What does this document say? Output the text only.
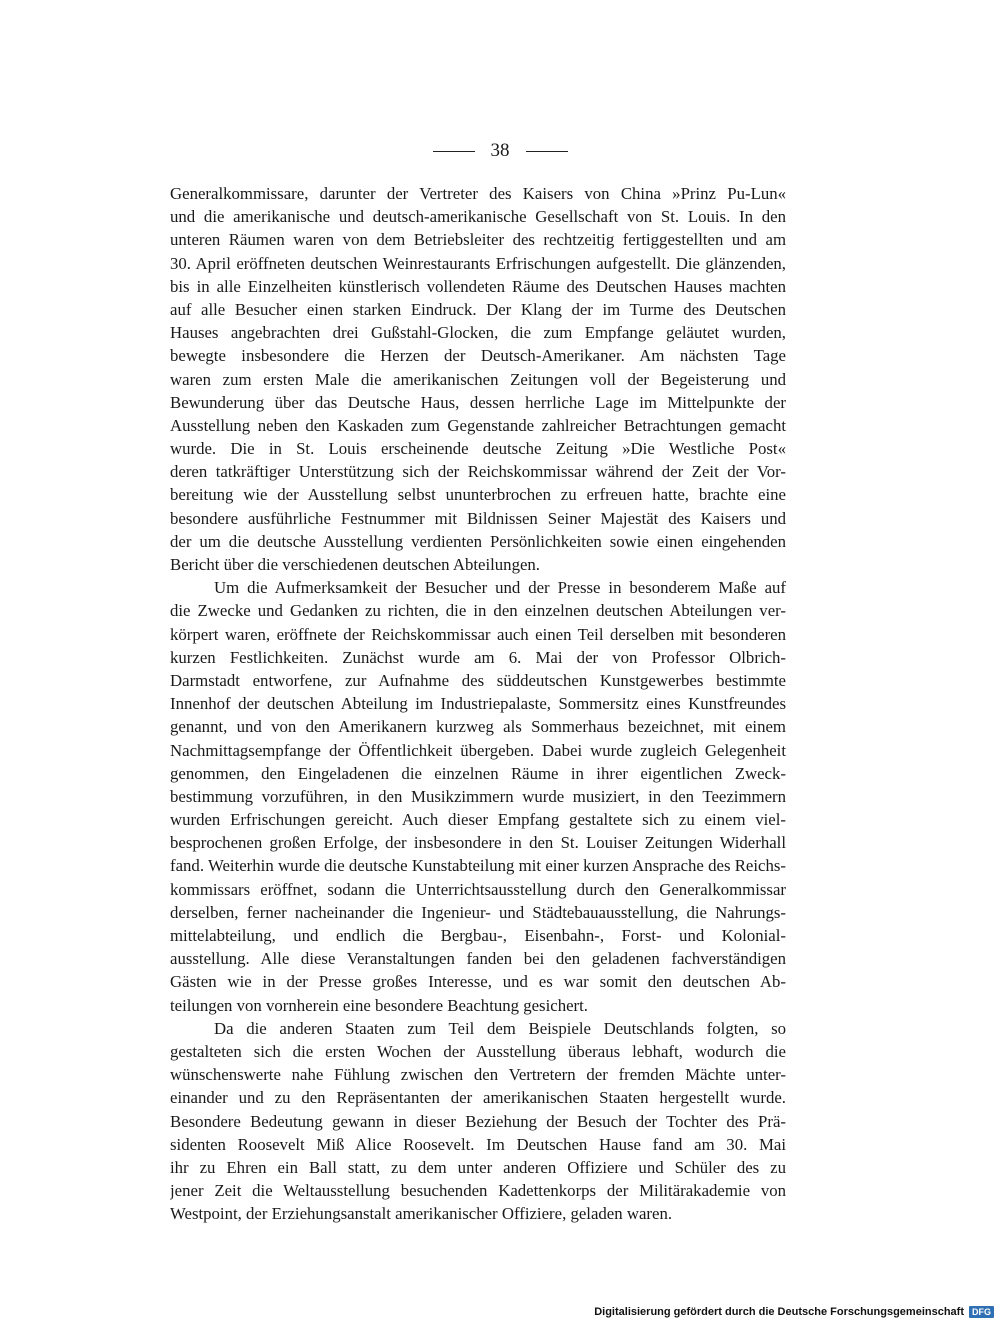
38
Generalkommissare, darunter der Vertreter des Kaisers von China »Prinz Pu-Lun«
und die amerikanische und deutsch-amerikanische Gesellschaft von St. Louis. In den
unteren Räumen waren von dem Betriebsleiter des rechtzeitig fertiggestellten und am
30. April eröffneten deutschen Weinrestaurants Erfrischungen aufgestellt. Die glänzenden,
bis in alle Einzelheiten künstlerisch vollendeten Räume des Deutschen Hauses machten
auf alle Besucher einen starken Eindruck. Der Klang der im Turme des Deutschen
Hauses angebrachten drei Gußstahl-Glocken, die zum Empfange geläutet wurden,
bewegte insbesondere die Herzen der Deutsch-Amerikaner. Am nächsten Tage
waren zum ersten Male die amerikanischen Zeitungen voll der Begeisterung und
Bewunderung über das Deutsche Haus, dessen herrliche Lage im Mittelpunkte der
Ausstellung neben den Kaskaden zum Gegenstande zahlreicher Betrachtungen gemacht
wurde. Die in St. Louis erscheinende deutsche Zeitung »Die Westliche Post«
deren tatkräftiger Unterstützung sich der Reichskommissar während der Zeit der Vor-
bereitung wie der Ausstellung selbst ununterbrochen zu erfreuen hatte, brachte eine
besondere ausführliche Festnummer mit Bildnissen Seiner Majestät des Kaisers und
der um die deutsche Ausstellung verdienten Persönlichkeiten sowie einen eingehenden
Bericht über die verschiedenen deutschen Abteilungen.
Um die Aufmerksamkeit der Besucher und der Presse in besonderem Maße auf
die Zwecke und Gedanken zu richten, die in den einzelnen deutschen Abteilungen ver-
körpert waren, eröffnete der Reichskommissar auch einen Teil derselben mit besonderen
kurzen Festlichkeiten. Zunächst wurde am 6. Mai der von Professor Olbrich-
Darmstadt entworfene, zur Aufnahme des süddeutschen Kunstgewerbes bestimmte
Innenhof der deutschen Abteilung im Industriepalaste, Sommersitz eines Kunstfreundes
genannt, und von den Amerikanern kurzweg als Sommerhaus bezeichnet, mit einem
Nachmittagsempfange der Öffentlichkeit übergeben. Dabei wurde zugleich Gelegenheit
genommen, den Eingeladenen die einzelnen Räume in ihrer eigentlichen Zweck-
bestimmung vorzuführen, in den Musikzimmern wurde musiziert, in den Teezimmern
wurden Erfrischungen gereicht. Auch dieser Empfang gestaltete sich zu einem viel-
besprochenen großen Erfolge, der insbesondere in den St. Louiser Zeitungen Widerhall
fand. Weiterhin wurde die deutsche Kunstabteilung mit einer kurzen Ansprache des Reichs-
kommissars eröffnet, sodann die Unterrichtsausstellung durch den Generalkommissar
derselben, ferner nacheinander die Ingenieur- und Städtebauausstellung, die Nahrungs-
mittelabteilung, und endlich die Bergbau-, Eisenbahn-, Forst- und Kolonial-
ausstellung. Alle diese Veranstaltungen fanden bei den geladenen fachverständigen
Gästen wie in der Presse großes Interesse, und es war somit den deutschen Ab-
teilungen von vornherein eine besondere Beachtung gesichert.
Da die anderen Staaten zum Teil dem Beispiele Deutschlands folgten, so
gestalteten sich die ersten Wochen der Ausstellung überaus lebhaft, wodurch die
wünschenswerte nahe Fühlung zwischen den Vertretern der fremden Mächte unter-
einander und zu den Repräsentanten der amerikanischen Staaten hergestellt wurde.
Besondere Bedeutung gewann in dieser Beziehung der Besuch der Tochter des Prä-
sidenten Roosevelt Miß Alice Roosevelt. Im Deutschen Hause fand am 30. Mai
ihr zu Ehren ein Ball statt, zu dem unter anderen Offiziere und Schüler des zu
jener Zeit die Weltausstellung besuchenden Kadettenkorps der Militärakademie von
Westpoint, der Erziehungsanstalt amerikanischer Offiziere, geladen waren.
Digitalisierung gefördert durch die Deutsche Forschungsgemeinschaft DFG
